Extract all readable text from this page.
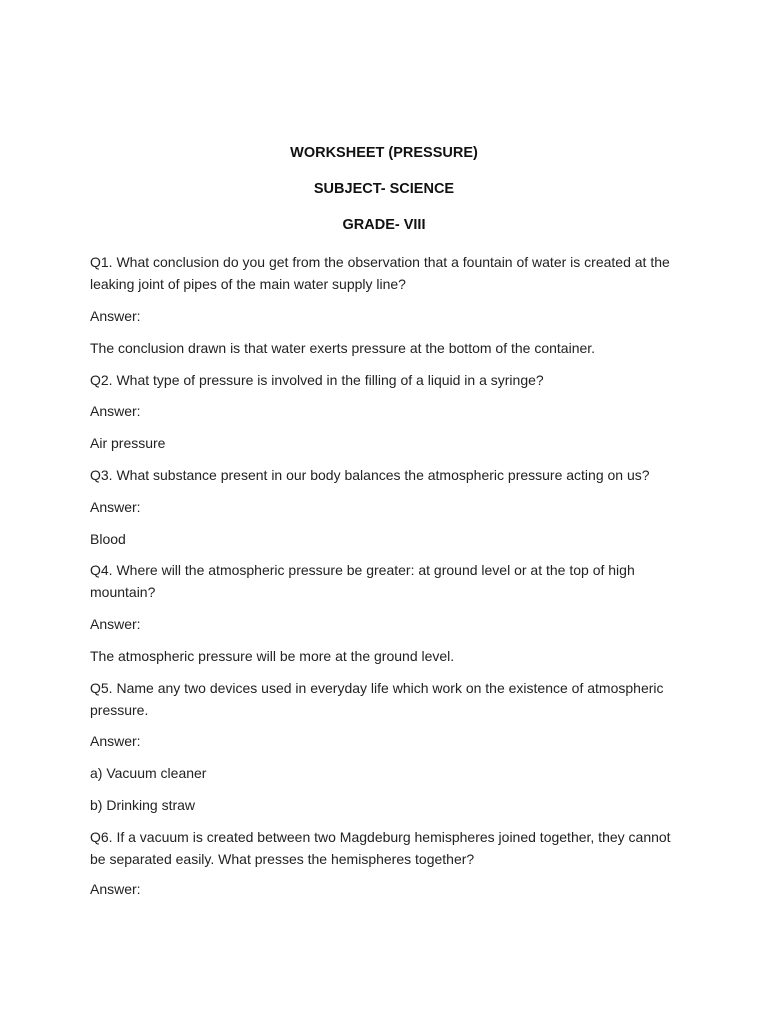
WORKSHEET (PRESSURE)
SUBJECT- SCIENCE
GRADE- VIII
Q1. What conclusion do you get from the observation that a fountain of water is created at the leaking joint of pipes of the main water supply line?
Answer:
The conclusion drawn is that water exerts pressure at the bottom of the container.
Q2. What type of pressure is involved in the filling of a liquid in a syringe?
Answer:
Air pressure
Q3. What substance present in our body balances the atmospheric pressure acting on us?
Answer:
Blood
Q4. Where will the atmospheric pressure be greater: at ground level or at the top of high mountain?
Answer:
The atmospheric pressure will be more at the ground level.
Q5. Name any two devices used in everyday life which work on the existence of atmospheric pressure.
Answer:
a) Vacuum cleaner
b) Drinking straw
Q6. If a vacuum is created between two Magdeburg hemispheres joined together, they cannot be separated easily. What presses the hemispheres together?
Answer:
